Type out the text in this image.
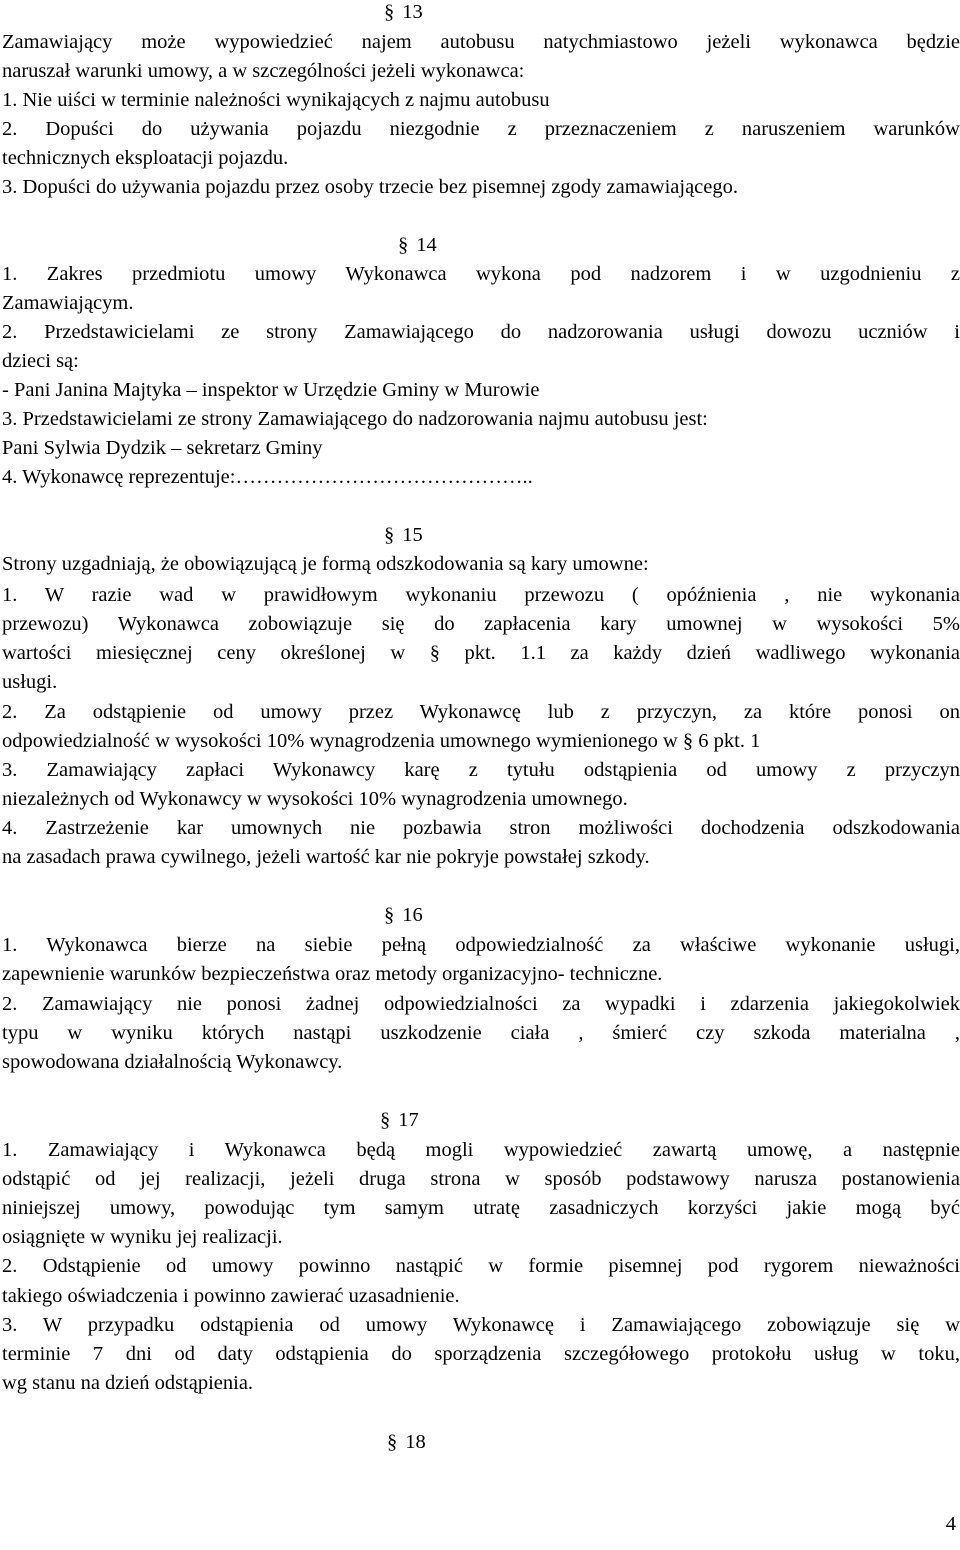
§ 13
Zamawiający może wypowiedzieć najem autobusu natychmiastowo jeżeli wykonawca będzie
naruszał warunki umowy, a w szczególności jeżeli wykonawca:
1. Nie uiści w terminie należności wynikających z najmu autobusu
2. Dopuści do używania pojazdu niezgodnie z przeznaczeniem z naruszeniem warunków
technicznych eksploatacji pojazdu.
3. Dopuści do używania pojazdu przez osoby trzecie bez pisemnej zgody zamawiającego.
§ 14
1. Zakres przedmiotu umowy Wykonawca wykona pod nadzorem i w uzgodnieniu z
Zamawiającym.
2. Przedstawicielami ze strony Zamawiającego do nadzorowania usługi dowozu uczniów i
dzieci są:
- Pani Janina Majtyka – inspektor w Urzędzie Gminy w Murowie
3. Przedstawicielami ze strony Zamawiającego do nadzorowania najmu autobusu jest:
Pani Sylwia Dydzik – sekretarz Gminy
4. Wykonawcę reprezentuje:……………………………………..
§ 15
Strony uzgadniają, że obowiązującą je formą odszkodowania są kary umowne:
1. W razie wad w prawidłowym wykonaniu przewozu ( opóźnienia , nie wykonania
przewozu) Wykonawca zobowiązuje się do zapłacenia kary umownej w wysokości 5%
wartości miesięcznej ceny określonej w § pkt. 1.1 za każdy dzień wadliwego wykonania
usługi.
2. Za odstąpienie od umowy przez Wykonawcę lub z przyczyn, za które ponosi on
odpowiedzialność w wysokości 10% wynagrodzenia umownego wymienionego w § 6 pkt. 1
3. Zamawiający zapłaci Wykonawcy karę z tytułu odstąpienia od umowy z przyczyn
niezależnych od Wykonawcy w wysokości 10% wynagrodzenia umownego.
4. Zastrzeżenie kar umownych nie pozbawia stron możliwości dochodzenia odszkodowania
na zasadach prawa cywilnego, jeżeli wartość kar nie pokryje powstałej szkody.
§ 16
1. Wykonawca bierze na siebie pełną odpowiedzialność za właściwe wykonanie usługi,
zapewnienie warunków bezpieczeństwa oraz metody organizacyjno- techniczne.
2. Zamawiający nie ponosi żadnej odpowiedzialności za wypadki i zdarzenia jakiegokolwiek
typu w wyniku których nastąpi uszkodzenie ciała , śmierć czy szkoda materialna ,
spowodowana działalnością Wykonawcy.
§ 17
1. Zamawiający i Wykonawca będą mogli wypowiedzieć zawartą umowę, a następnie
odstąpić od jej realizacji, jeżeli druga strona w sposób podstawowy narusza postanowienia
niniejszej umowy, powodując tym samym utratę zasadniczych korzyści jakie mogą być
osiągnięte w wyniku jej realizacji.
2. Odstąpienie od umowy powinno nastąpić w formie pisemnej pod rygorem nieważności
takiego oświadczenia i powinno zawierać uzasadnienie.
3. W przypadku odstąpienia od umowy Wykonawcę i Zamawiającego zobowiązuje się w
terminie 7 dni od daty odstąpienia do sporządzenia szczegółowego protokołu usług w toku,
wg stanu na dzień odstąpienia.
§ 18
4
